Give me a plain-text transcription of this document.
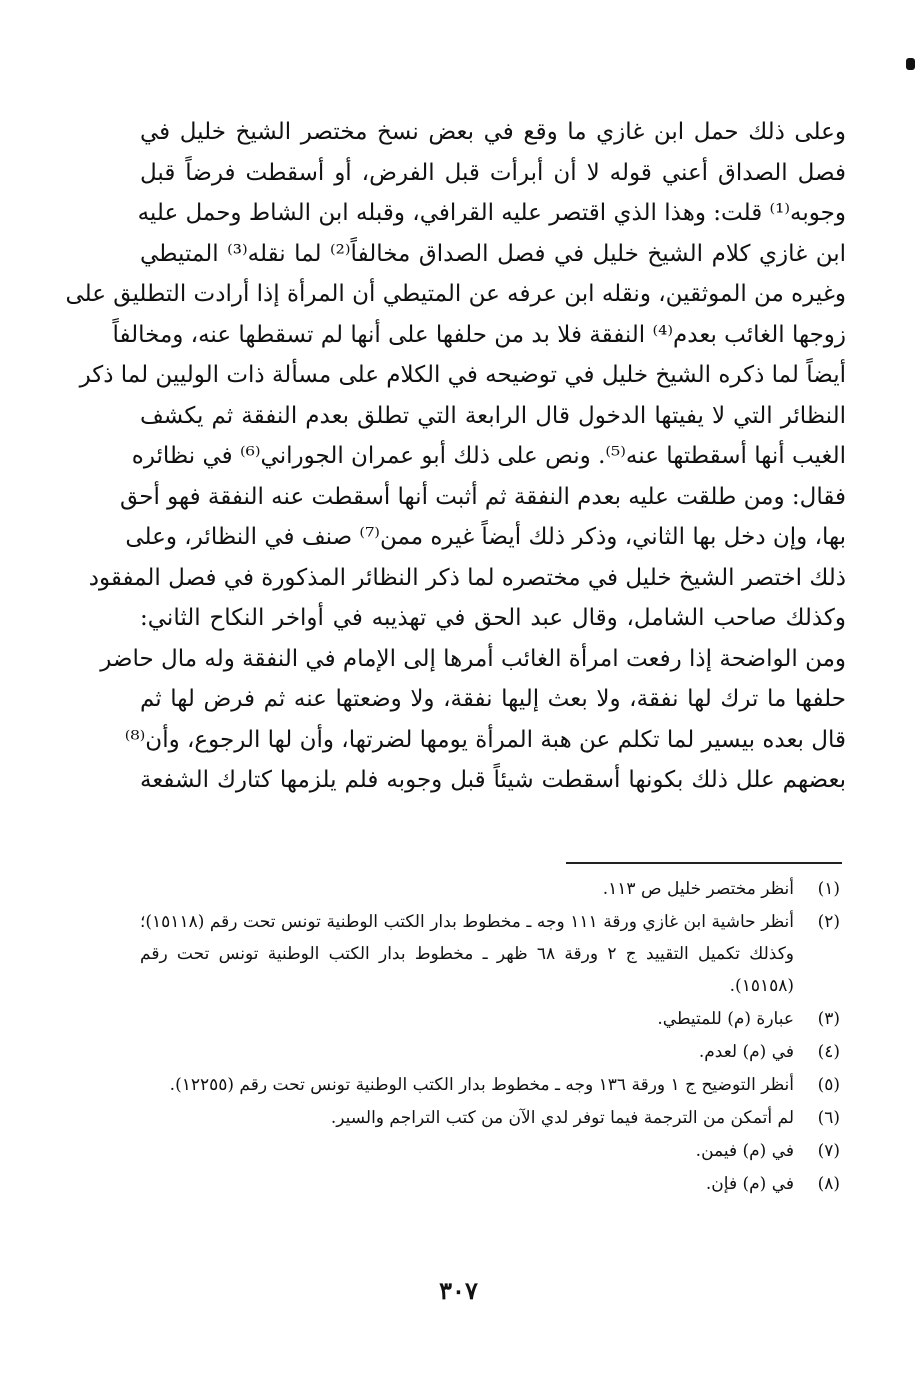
وعلى ذلك حمل ابن غازي ما وقع في بعض نسخ مختصر الشيخ خليل في
فصل الصداق أعني قوله لا أن أبرأت قبل الفرض، أو أسقطت فرضاً قبل
وجوبه⁽¹⁾ قلت: وهذا الذي اقتصر عليه القرافي، وقبله ابن الشاط وحمل عليه
ابن غازي كلام الشيخ خليل في فصل الصداق مخالفاً⁽²⁾ لما نقله⁽³⁾ المتيطي
وغيره من الموثقين، ونقله ابن عرفه عن المتيطي أن المرأة إذا أرادت التطليق على
زوجها الغائب بعدم⁽⁴⁾ النفقة فلا بد من حلفها على أنها لم تسقطها عنه، ومخالفاً
أيضاً لما ذكره الشيخ خليل في توضيحه في الكلام على مسألة ذات الوليين لما ذكر
النظائر التي لا يفيتها الدخول قال الرابعة التي تطلق بعدم النفقة ثم يكشف
الغيب أنها أسقطتها عنه⁽⁵⁾. ونص على ذلك أبو عمران الجوراني⁽⁶⁾ في نظائره
فقال: ومن طلقت عليه بعدم النفقة ثم أثبت أنها أسقطت عنه النفقة فهو أحق
بها، وإن دخل بها الثاني، وذكر ذلك أيضاً غيره ممن⁽⁷⁾ صنف في النظائر، وعلى
ذلك اختصر الشيخ خليل في مختصره لما ذكر النظائر المذكورة في فصل المفقود
وكذلك صاحب الشامل، وقال عبد الحق في تهذيبه في أواخر النكاح الثاني:
ومن الواضحة إذا رفعت امرأة الغائب أمرها إلى الإمام في النفقة وله مال حاضر
حلفها ما ترك لها نفقة، ولا بعث إليها نفقة، ولا وضعتها عنه ثم فرض لها ثم
قال بعده بيسير لما تكلم عن هبة المرأة يومها لضرتها، وأن لها الرجوع، وأن⁽⁸⁾
بعضهم علل ذلك بكونها أسقطت شيئاً قبل وجوبه فلم يلزمها كتارك الشفعة
(١)
أنظر مختصر خليل ص ١١٣.
(٢)
أنظر حاشية ابن غازي ورقة ١١١ وجه ـ مخطوط بدار الكتب الوطنية تونس تحت رقم (١٥١١٨)؛ وكذلك تكميل التقييد ج ٢ ورقة ٦٨ ظهر ـ مخطوط بدار الكتب الوطنية تونس تحت رقم (١٥١٥٨).
(٣)
عبارة (م) للمتيطي.
(٤)
في (م) لعدم.
(٥)
أنظر التوضيح ج ١ ورقة ١٣٦ وجه ـ مخطوط بدار الكتب الوطنية تونس تحت رقم (١٢٢٥٥).
(٦)
لم أتمكن من الترجمة فيما توفر لدي الآن من كتب التراجم والسير.
(٧)
في (م) فيمن.
(٨)
في (م) فإن.
٣٠٧
